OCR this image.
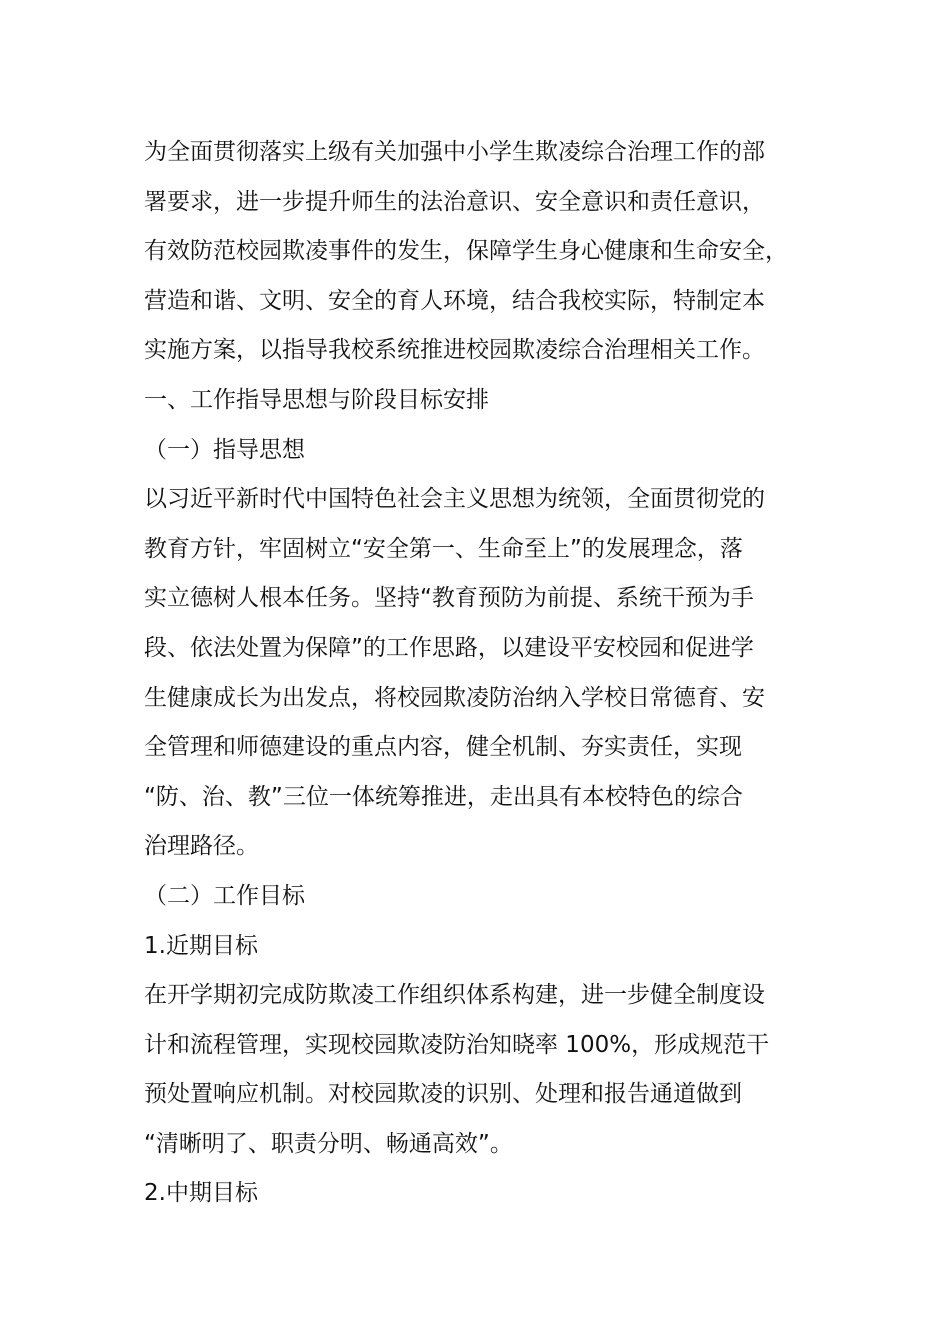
为全面贯彻落实上级有关加强中小学生欺凌综合治理工作的部
署要求，进一步提升师生的法治意识、安全意识和责任意识，
有效防范校园欺凌事件的发生，保障学生身心健康和生命安全，
营造和谐、文明、安全的育人环境，结合我校实际，特制定本
实施方案，以指导我校系统推进校园欺凌综合治理相关工作。
一、工作指导思想与阶段目标安排
（一）指导思想
以习近平新时代中国特色社会主义思想为统领，全面贯彻党的
教育方针，牢固树立“安全第一、生命至上”的发展理念，落
实立德树人根本任务。坚持“教育预防为前提、系统干预为手
段、依法处置为保障”的工作思路，以建设平安校园和促进学
生健康成长为出发点，将校园欺凌防治纳入学校日常德育、安
全管理和师德建设的重点内容，健全机制、夯实责任，实现
“防、治、教”三位一体统筹推进，走出具有本校特色的综合
治理路径。
（二）工作目标
1.近期目标
在开学期初完成防欺凌工作组织体系构建，进一步健全制度设
计和流程管理，实现校园欺凌防治知晓率 100%，形成规范干
预处置响应机制。对校园欺凌的识别、处理和报告通道做到
“清晰明了、职责分明、畅通高效”。
2.中期目标
